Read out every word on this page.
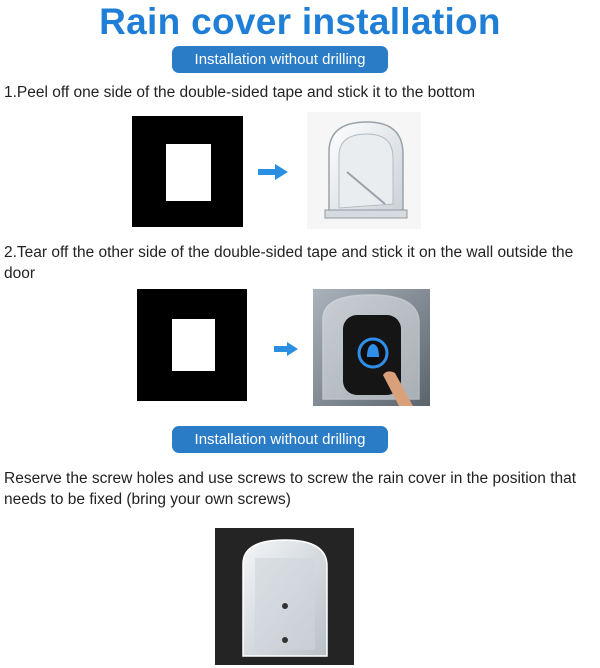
Rain cover installation
Installation without drilling
1.Peel off one side of the double-sided tape and stick it to the bottom
2.Tear off the other side of the double-sided tape and stick it on the wall outside the door
Installation without drilling
Reserve the screw holes and use screws to screw the rain cover in the position that needs to be fixed (bring your own screws)
